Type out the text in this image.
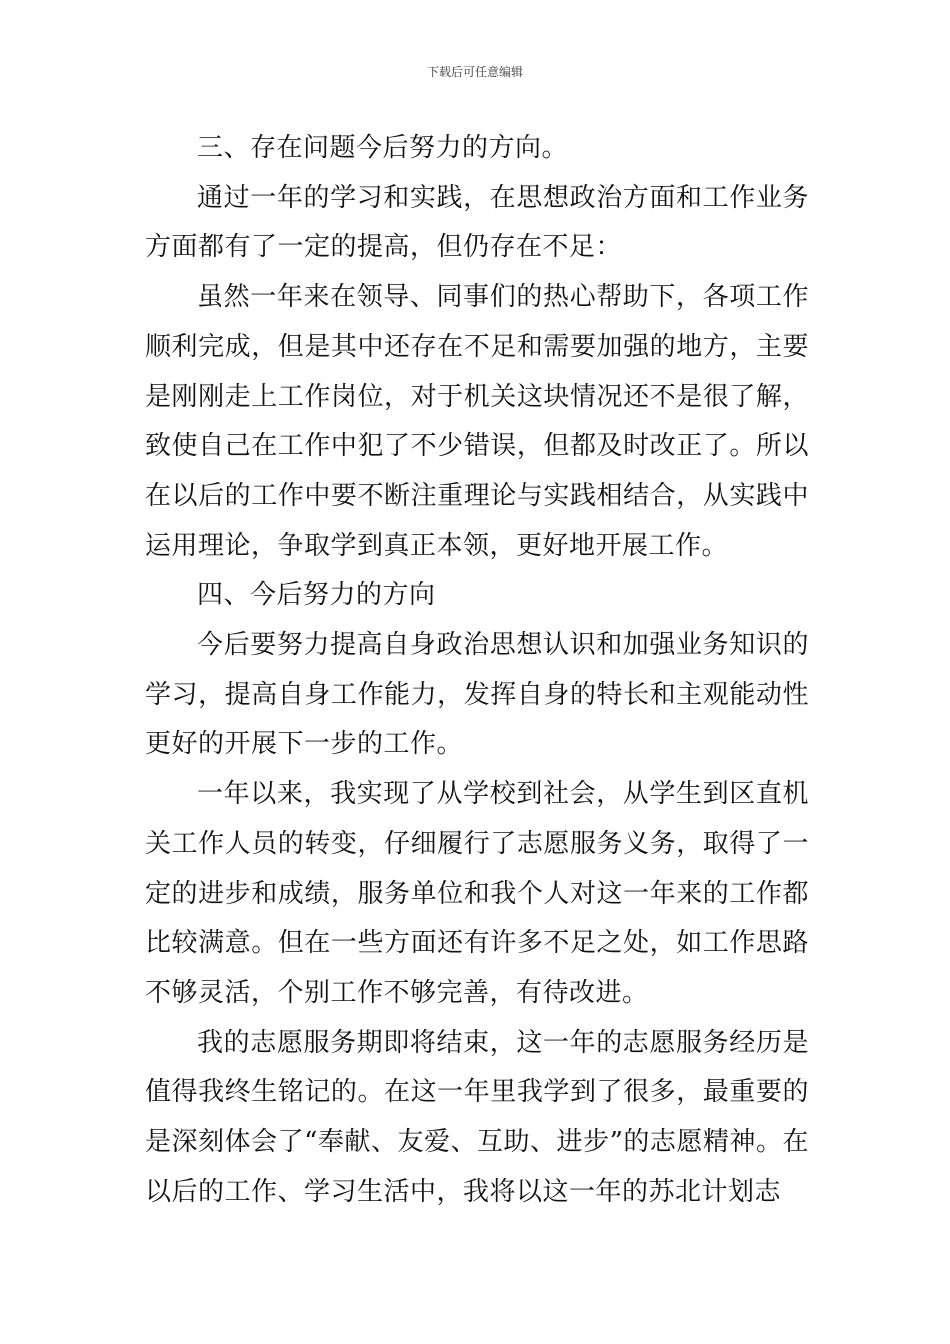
下载后可任意编辑

三、存在问题今后努力的方向。

通过一年的学习和实践，在思想政治方面和工作业务方面都有了一定的提高，但仍存在不足：

虽然一年来在领导、同事们的热心帮助下，各项工作顺利完成，但是其中还存在不足和需要加强的地方，主要是刚刚走上工作岗位，对于机关这块情况还不是很了解，致使自己在工作中犯了不少错误，但都及时改正了。所以在以后的工作中要不断注重理论与实践相结合，从实践中运用理论，争取学到真正本领，更好地开展工作。

四、今后努力的方向

今后要努力提高自身政治思想认识和加强业务知识的学习，提高自身工作能力，发挥自身的特长和主观能动性更好的开展下一步的工作。

一年以来，我实现了从学校到社会，从学生到区直机关工作人员的转变，仔细履行了志愿服务义务，取得了一定的进步和成绩，服务单位和我个人对这一年来的工作都比较满意。但在一些方面还有许多不足之处，如工作思路不够灵活，个别工作不够完善，有待改进。

我的志愿服务期即将结束，这一年的志愿服务经历是值得我终生铭记的。在这一年里我学到了很多，最重要的是深刻体会了“奉献、友爱、互助、进步”的志愿精神。在以后的工作、学习生活中，我将以这一年的苏北计划志
